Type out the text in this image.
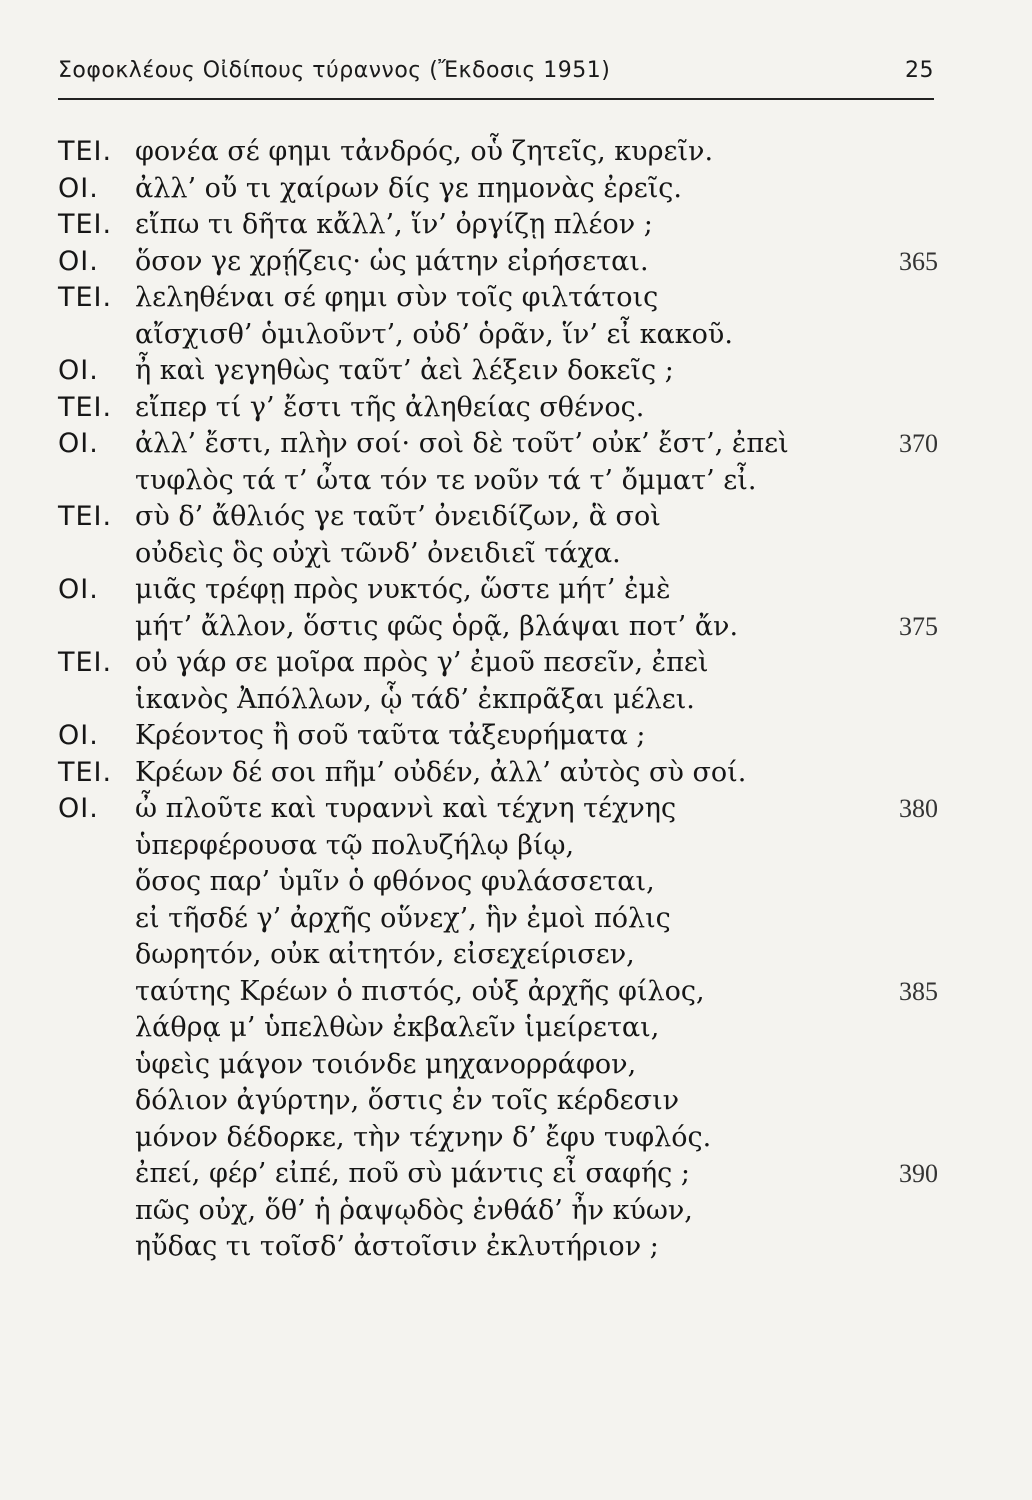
Σοφοκλέους Οἰδίπους τύραννος (Ἔκδοσις 1951)	25
ΤΕΙ. φονέα σέ φημι τἀνδρός, οὗ ζητεῖς, κυρεῖν.
ΟΙ. ἀλλ’ οὔ τι χαίρων δίς γε πημονὰς ἐρεῖς.
ΤΕΙ. εἴπω τι δῆτα κἄλλ’, ἵν’ ὀργίζῃ πλέον ;
ΟΙ. ὅσον γε χρῄζεις· ὡς μάτην εἰρήσεται.	365
ΤΕΙ. λεληθέναι σέ φημι σὺν τοῖς φιλτάτοις
αἴσχισθ’ ὁμιλοῦντ’, οὐδ’ ὁρᾶν, ἵν’ εἶ κακοῦ.
ΟΙ. ἦ καὶ γεγηθὼς ταῦτ’ ἀεὶ λέξειν δοκεῖς ;
ΤΕΙ. εἴπερ τί γ’ ἔστι τῆς ἀληθείας σθένος.
ΟΙ. ἀλλ’ ἔστι, πλὴν σοί· σοὶ δὲ τοῦτ’ οὐκ’ ἔστ’, ἐπεὶ	370
τυφλὸς τά τ’ ὦτα τόν τε νοῦν τά τ’ ὄμματ’ εἶ.
ΤΕΙ. σὺ δ’ ἄθλιός γε ταῦτ’ ὀνειδίζων, ἃ σοὶ
οὐδεὶς ὃς οὐχὶ τῶνδ’ ὀνειδιεῖ τάχα.
ΟΙ. μιᾶς τρέφῃ πρὸς νυκτός, ὥστε μήτ’ ἐμὲ
μήτ’ ἄλλον, ὅστις φῶς ὁρᾷ, βλάψαι ποτ’ ἄν.	375
ΤΕΙ. οὐ γάρ σε μοῖρα πρὸς γ’ ἐμοῦ πεσεῖν, ἐπεὶ
ἱκανὸς Ἀπόλλων, ᾧ τάδ’ ἐκπρᾶξαι μέλει.
ΟΙ. Κρέοντος ἢ σοῦ ταῦτα τἀξευρήματα ;
ΤΕΙ. Κρέων δέ σοι πῆμ’ οὐδέν, ἀλλ’ αὐτὸς σὺ σοί.
ΟΙ. ὦ πλοῦτε καὶ τυραννὶ καὶ τέχνη τέχνης	380
ὑπερφέρουσα τῷ πολυζήλῳ βίῳ,
ὅσος παρ’ ὑμῖν ὁ φθόνος φυλάσσεται,
εἰ τῆσδέ γ’ ἀρχῆς οὕνεχ’, ἣν ἐμοὶ πόλις
δωρητόν, οὐκ αἰτητόν, εἰσεχείρισεν,
ταύτης Κρέων ὁ πιστός, οὑξ ἀρχῆς φίλος,	385
λάθρᾳ μ’ ὑπελθὼν ἐκβαλεῖν ἱμείρεται,
ὑφεὶς μάγον τοιόνδε μηχανορράφον,
δόλιον ἀγύρτην, ὅστις ἐν τοῖς κέρδεσιν
μόνον δέδορκε, τὴν τέχνην δ’ ἔφυ τυφλός.
ἐπεί, φέρ’ εἰπέ, ποῦ σὺ μάντις εἶ σαφής ;	390
πῶς οὐχ, ὅθ’ ἡ ῥαψῳδὸς ἐνθάδ’ ἦν κύων,
ηὔδας τι τοῖσδ’ ἀστοῖσιν ἐκλυτήριον ;
